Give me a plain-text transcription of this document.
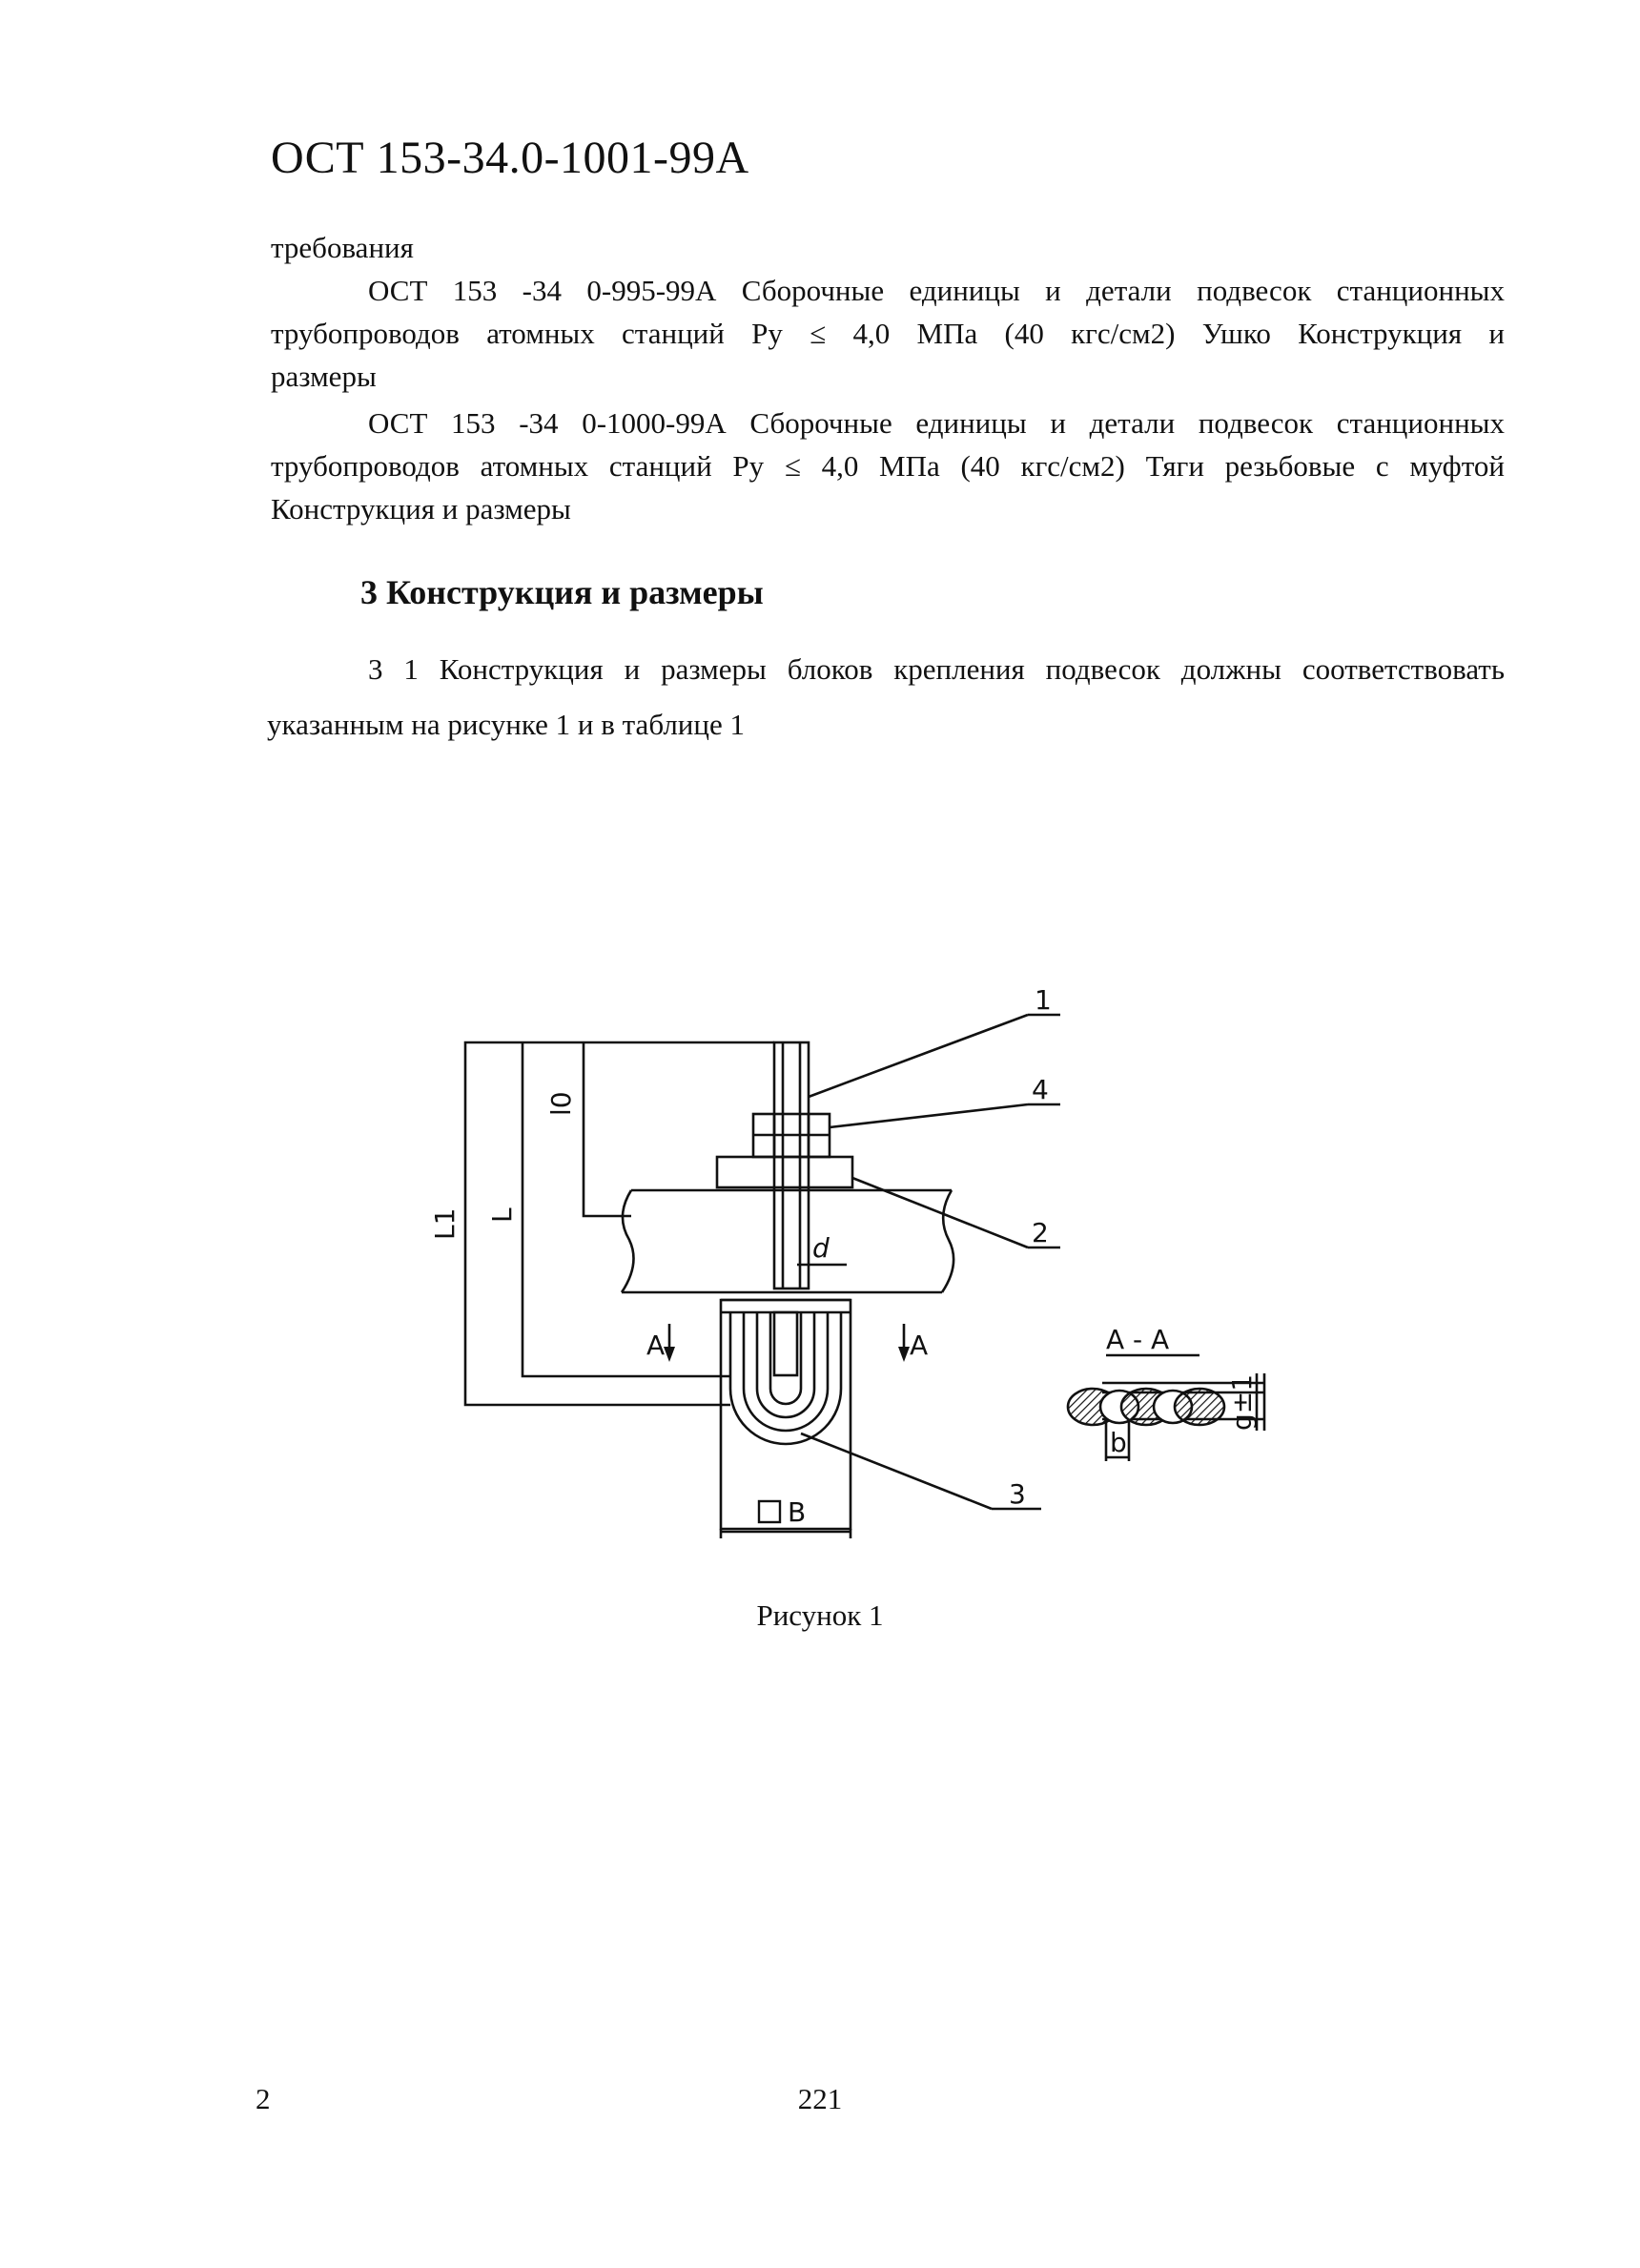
ОСТ 153-34.0-1001-99А
требования
ОСТ 153 -34 0-995-99А Сборочные единицы и детали подвесок станционных
трубопроводов атомных станций Ру ≤ 4,0 МПа (40 кгс/см2) Ушко Конструкция и
размеры
ОСТ 153 -34 0-1000-99А Сборочные единицы и детали подвесок станционных
трубопроводов атомных станций Ру ≤ 4,0 МПа (40 кгс/см2) Тяги резьбовые с муфтой
Конструкция и размеры
3 Конструкция и размеры
3 1 Конструкция и размеры блоков крепления подвесок должны соответствовать
указанным на рисунке 1 и в таблице 1
1
4
2
3
d
L1 L
l0
A	A	А - А
B
b
g±1
Рисунок 1
2	221
